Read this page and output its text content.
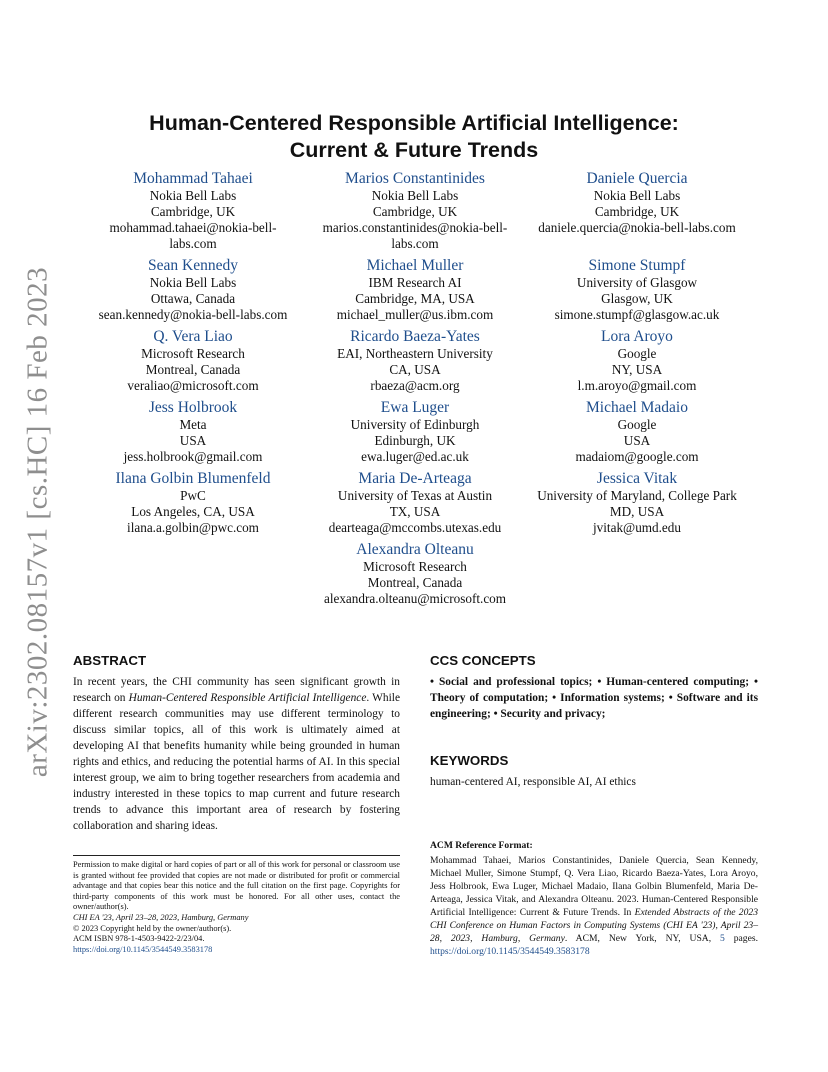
arXiv:2302.08157v1 [cs.HC] 16 Feb 2023
Human-Centered Responsible Artificial Intelligence:
Current & Future Trends
Mohammad Tahaei
Nokia Bell Labs
Cambridge, UK
mohammad.tahaei@nokia-bell-
labs.com
Marios Constantinides
Nokia Bell Labs
Cambridge, UK
marios.constantinides@nokia-bell-
labs.com
Daniele Quercia
Nokia Bell Labs
Cambridge, UK
daniele.quercia@nokia-bell-labs.com
Sean Kennedy
Nokia Bell Labs
Ottawa, Canada
sean.kennedy@nokia-bell-labs.com
Michael Muller
IBM Research AI
Cambridge, MA, USA
michael_muller@us.ibm.com
Simone Stumpf
University of Glasgow
Glasgow, UK
simone.stumpf@glasgow.ac.uk
Q. Vera Liao
Microsoft Research
Montreal, Canada
veraliao@microsoft.com
Ricardo Baeza-Yates
EAI, Northeastern University
CA, USA
rbaeza@acm.org
Lora Aroyo
Google
NY, USA
l.m.aroyo@gmail.com
Jess Holbrook
Meta
USA
jess.holbrook@gmail.com
Ewa Luger
University of Edinburgh
Edinburgh, UK
ewa.luger@ed.ac.uk
Michael Madaio
Google
USA
madaiom@google.com
Ilana Golbin Blumenfeld
PwC
Los Angeles, CA, USA
ilana.a.golbin@pwc.com
Maria De-Arteaga
University of Texas at Austin
TX, USA
dearteaga@mccombs.utexas.edu
Jessica Vitak
University of Maryland, College Park
MD, USA
jvitak@umd.edu
Alexandra Olteanu
Microsoft Research
Montreal, Canada
alexandra.olteanu@microsoft.com
ABSTRACT

In recent years, the CHI community has seen significant growth in research on Human-Centered Responsible Artificial Intelligence. While different research communities may use different terminology to discuss similar topics, all of this work is ultimately aimed at developing AI that benefits humanity while being grounded in human rights and ethics, and reducing the potential harms of AI. In this special interest group, we aim to bring together researchers from academia and industry interested in these topics to map current and future research trends to advance this important area of research by fostering collaboration and sharing ideas.

CCS CONCEPTS

• Social and professional topics; • Human-centered computing; • Theory of computation; • Information systems; • Software and its engineering; • Security and privacy;

KEYWORDS

human-centered AI, responsible AI, AI ethics

Permission to make digital or hard copies of part or all of this work for personal or classroom use is granted without fee provided that copies are not made or distributed for profit or commercial advantage and that copies bear this notice and the full citation on the first page. Copyrights for third-party components of this work must be honored. For all other uses, contact the owner/author(s).

CHI EA '23, April 23–28, 2023, Hamburg, Germany

© 2023 Copyright held by the owner/author(s).

ACM ISBN 978-1-4503-9422-2/23/04.

https://doi.org/10.1145/3544549.3583178

ACM Reference Format:

Mohammad Tahaei, Marios Constantinides, Daniele Quercia, Sean Kennedy, Michael Muller, Simone Stumpf, Q. Vera Liao, Ricardo Baeza-Yates, Lora Aroyo, Jess Holbrook, Ewa Luger, Michael Madaio, Ilana Golbin Blumenfeld, Maria De-Arteaga, Jessica Vitak, and Alexandra Olteanu. 2023. Human-Centered Responsible Artificial Intelligence: Current & Future Trends. In Extended Abstracts of the 2023 CHI Conference on Human Factors in Computing Systems (CHI EA '23), April 23–28, 2023, Hamburg, Germany. ACM, New York, NY, USA, 5 pages. https://doi.org/10.1145/3544549.3583178
